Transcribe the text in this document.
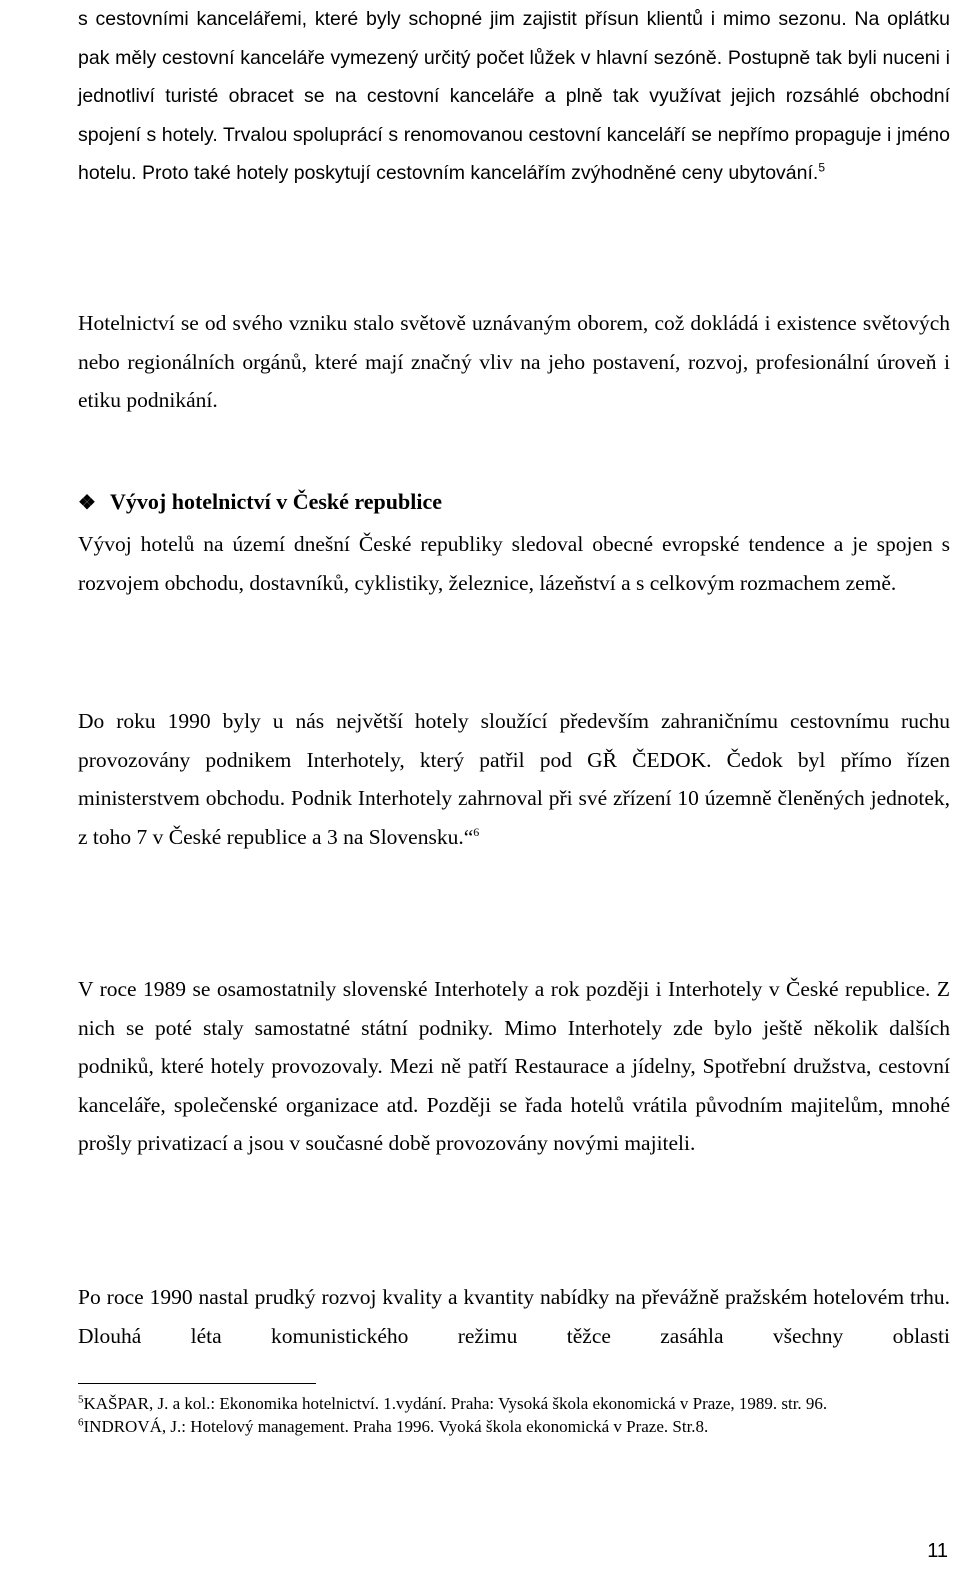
s cestovními kancelářemi, které byly schopné jim zajistit přísun klientů i mimo sezonu. Na oplátku pak měly cestovní kanceláře vymezený určitý počet lůžek v hlavní sezóně. Postupně tak byli nuceni i jednotliví turisté obracet se na cestovní kanceláře a plně tak využívat jejich rozsáhlé obchodní spojení s hotely. Trvalou spoluprácí s renomovanou cestovní kanceláří se nepřímo propaguje i jméno hotelu. Proto také hotely poskytují cestovním kancelářím zvýhodněné ceny ubytování.$^5$

Hotelnictví se od svého vzniku stalo světově uznávaným oborem, což dokládá i existence světových nebo regionálních orgánů, které mají značný vliv na jeho postavení, rozvoj, profesionální úroveň i etiku podnikání.

❖ Vývoj hotelnictví v České republice

Vývoj hotelů na území dnešní České republiky sledoval obecné evropské tendence a je spojen s rozvojem obchodu, dostavníků, cyklistiky, železnice, lázeňství a s celkovým rozmachem země.

Do roku 1990 byly u nás největší hotely sloužící především zahraničnímu cestovnímu ruchu provozovány podnikem Interhotely, který patřil pod GŘ ČEDOK. Čedok byl přímo řízen ministerstvem obchodu. Podnik Interhotely zahrnoval při své zřízení 10 územně členěných jednotek, z toho 7 v České republice a 3 na Slovensku.“$^6$

V roce 1989 se osamostatnily slovenské Interhotely a rok později i Interhotely v České republice. Z nich se poté staly samostatné státní podniky. Mimo Interhotely zde bylo ještě několik dalších podniků, které hotely provozovaly. Mezi ně patří Restaurace a jídelny, Spotřební družstva, cestovní kanceláře, společenské organizace atd. Později se řada hotelů vrátila původním majitelům, mnohé prošly privatizací a jsou v současné době provozovány novými majiteli.

Po roce 1990 nastal prudký rozvoj kvality a kvantity nabídky na převážně pražském hotelovém trhu. Dlouhá léta komunistického režimu těžce zasáhla všechny oblasti

$^5$KAŠPAR, J. a kol.: Ekonomika hotelnictví. 1.vydání. Praha: Vysoká škola ekonomická v Praze, 1989. str. 96.

$^6$INDROVÁ, J.: Hotelový management. Praha 1996. Vyoká škola ekonomická v Praze. Str.8.

11
